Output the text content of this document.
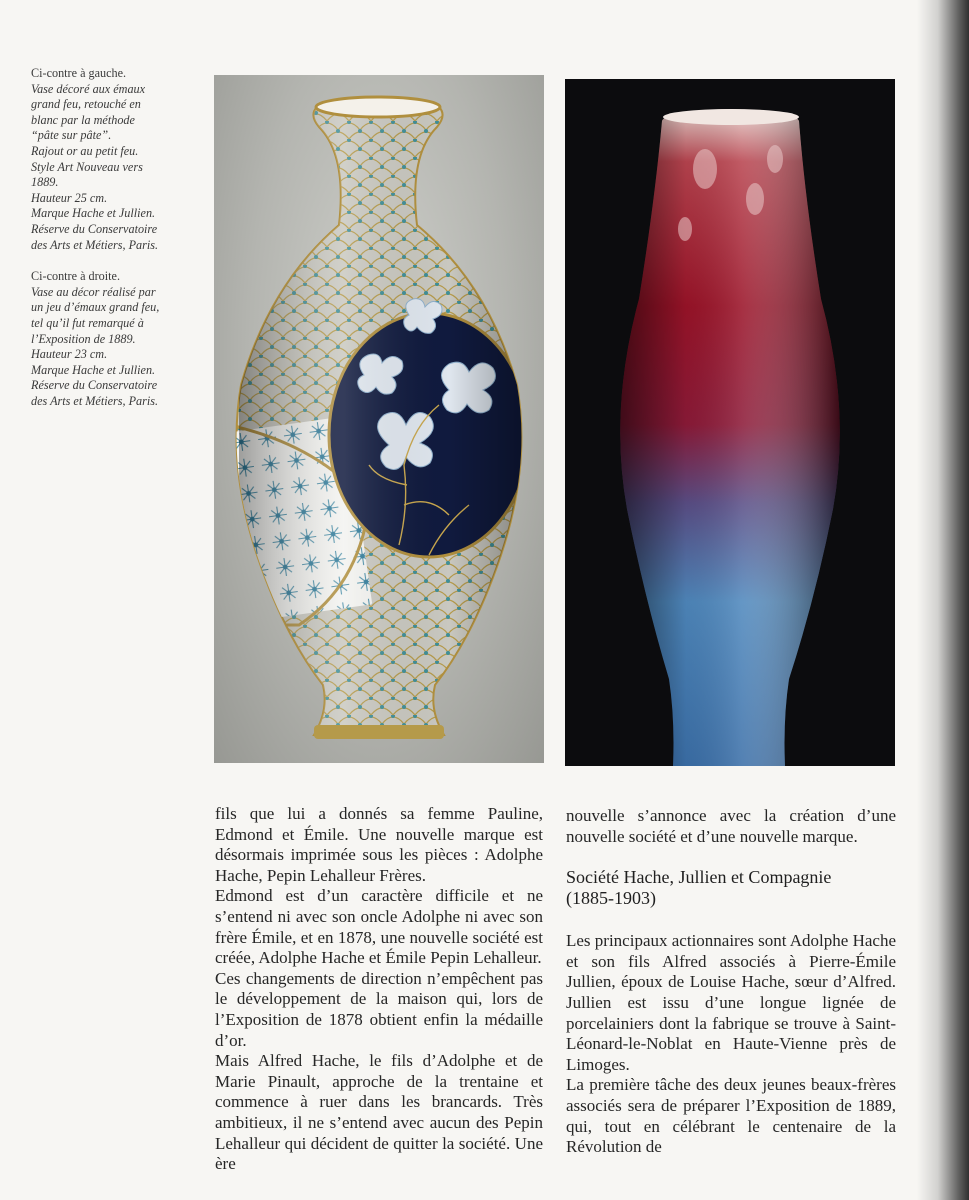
Ci-contre à gauche.
Vase décoré aux émaux
grand feu, retouché en
blanc par la méthode
“pâte sur pâte”.
Rajout or au petit feu.
Style Art Nouveau vers
1889.
Hauteur 25 cm.
Marque Hache et Jullien.
Réserve du Conservatoire
des Arts et Métiers, Paris.
Ci-contre à droite.
Vase au décor réalisé par
un jeu d’émaux grand feu,
tel qu’il fut remarqué à
l’Exposition de 1889.
Hauteur 23 cm.
Marque Hache et Jullien.
Réserve du Conservatoire
des Arts et Métiers, Paris.

fils que lui a donnés sa femme Pauline, Edmond et Émile. Une nouvelle marque est désormais imprimée sous les pièces : Adolphe Hache, Pepin Lehalleur Frères.

Edmond est d’un caractère difficile et ne s’entend ni avec son oncle Adolphe ni avec son frère Émile, et en 1878, une nouvelle société est créée, Adolphe Hache et Émile Pepin Lehalleur.

Ces changements de direction n’empêchent pas le développement de la maison qui, lors de l’Exposition de 1878 obtient enfin la médaille d’or.

Mais Alfred Hache, le fils d’Adolphe et de Marie Pinault, approche de la trentaine et commence à ruer dans les brancards. Très ambitieux, il ne s’entend avec aucun des Pepin Lehalleur qui décident de quitter la société. Une ère

nouvelle s’annonce avec la création d’une nouvelle société et d’une nouvelle marque.

Société Hache, Jullien et Compagnie
(1885-1903)

Les principaux actionnaires sont Adolphe Hache et son fils Alfred associés à Pierre-Émile Jullien, époux de Louise Hache, sœur d’Alfred. Jullien est issu d’une longue lignée de porcelainiers dont la fabrique se trouve à Saint-Léonard-le-Noblat en Haute-Vienne près de Limoges.

La première tâche des deux jeunes beaux-frères associés sera de préparer l’Exposition de 1889, qui, tout en célébrant le centenaire de la Révolution de
